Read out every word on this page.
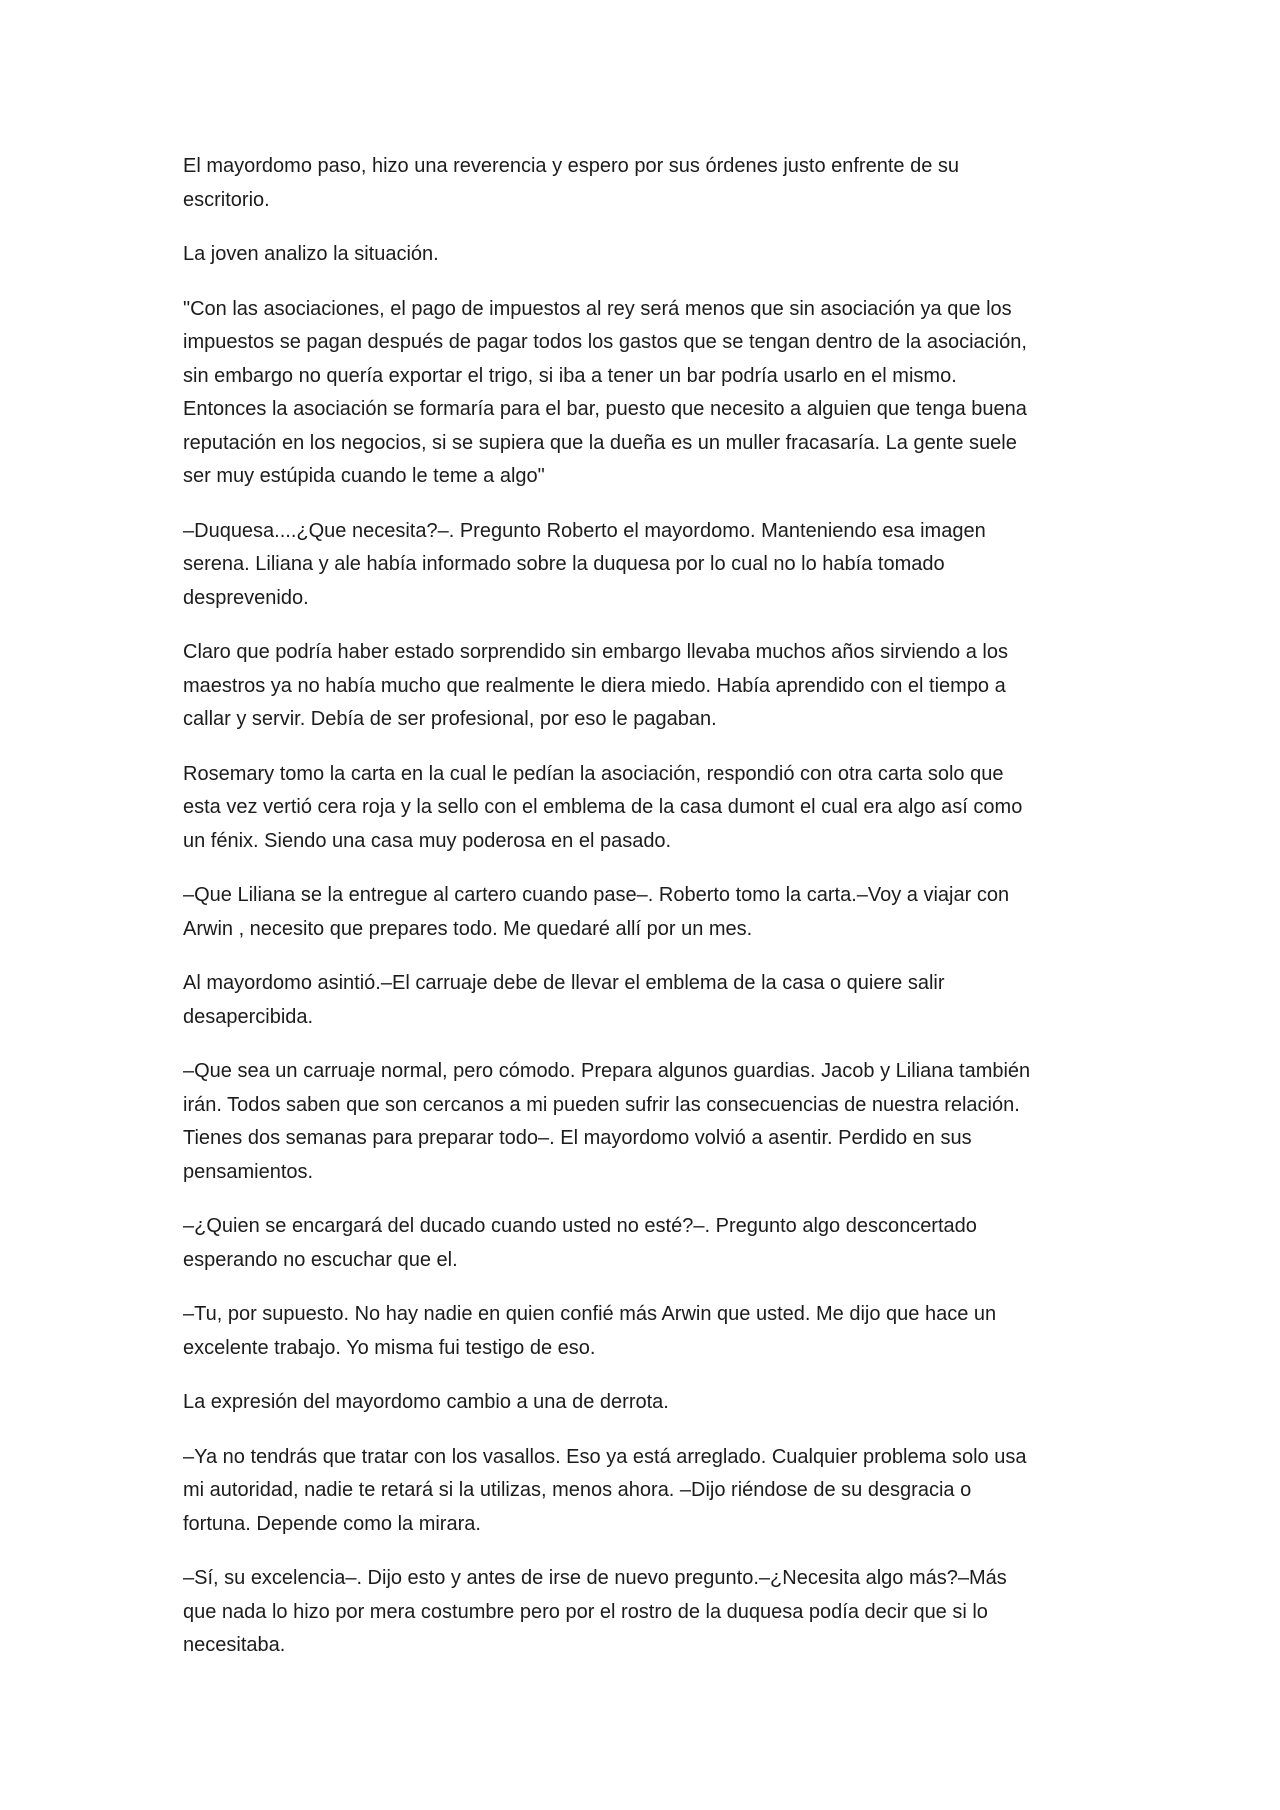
El mayordomo paso, hizo una reverencia y espero por sus órdenes justo enfrente de su
escritorio.

La joven analizo la situación.

"Con las asociaciones, el pago de impuestos al rey será menos que sin asociación ya que los
impuestos se pagan después de pagar todos los gastos que se tengan dentro de la asociación,
sin embargo no quería exportar el trigo, si iba a tener un bar podría usarlo en el mismo.
Entonces la asociación se formaría para el bar, puesto que necesito a alguien que tenga buena
reputación en los negocios, si se supiera que la dueña es un muller fracasaría. La gente suele
ser muy estúpida cuando le teme a algo"

–Duquesa....¿Que necesita?–. Pregunto Roberto el mayordomo. Manteniendo esa imagen
serena. Liliana y ale había informado sobre la duquesa por lo cual no lo había tomado
desprevenido.

Claro que podría haber estado sorprendido sin embargo llevaba muchos años sirviendo a los
maestros ya no había mucho que realmente le diera miedo. Había aprendido con el tiempo a
callar y servir. Debía de ser profesional, por eso le pagaban.

Rosemary tomo la carta en la cual le pedían la asociación, respondió con otra carta solo que
esta vez vertió cera roja y la sello con el emblema de la casa dumont el cual era algo así como
un fénix. Siendo una casa muy poderosa en el pasado.

–Que Liliana se la entregue al cartero cuando pase–. Roberto tomo la carta.–Voy a viajar con
Arwin , necesito que prepares todo. Me quedaré allí por un mes.

Al mayordomo asintió.–El carruaje debe de llevar el emblema de la casa o quiere salir
desapercibida.

–Que sea un carruaje normal, pero cómodo. Prepara algunos guardias. Jacob y Liliana también
irán. Todos saben que son cercanos a mi pueden sufrir las consecuencias de nuestra relación.
Tienes dos semanas para preparar todo–. El mayordomo volvió a asentir. Perdido en sus
pensamientos.

–¿Quien se encargará del ducado cuando usted no esté?–. Pregunto algo desconcertado
esperando no escuchar que el.

–Tu, por supuesto. No hay nadie en quien confié más Arwin que usted. Me dijo que hace un
excelente trabajo. Yo misma fui testigo de eso.

La expresión del mayordomo cambio a una de derrota.

–Ya no tendrás que tratar con los vasallos. Eso ya está arreglado. Cualquier problema solo usa
mi autoridad, nadie te retará si la utilizas, menos ahora. –Dijo riéndose de su desgracia o
fortuna. Depende como la mirara.

–Sí, su excelencia–. Dijo esto y antes de irse de nuevo pregunto.–¿Necesita algo más?–Más
que nada lo hizo por mera costumbre pero por el rostro de la duquesa podía decir que si lo
necesitaba.
